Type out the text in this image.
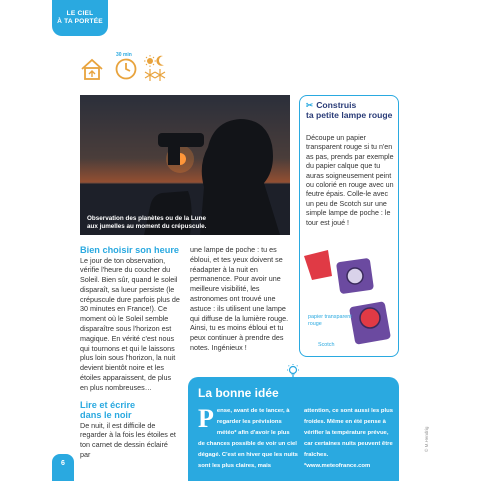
LE CIEL
À TA PORTÉE
30 min
Observation des planètes ou de la Lune
aux jumelles au moment du crépuscule.
✂ Construis
ta petite lampe rouge
Découpe un papier transparent rouge si tu n'en as pas, prends par exemple du papier calque que tu auras soigneusement peint ou colorié en rouge avec un feutre épais. Colle-le avec un peu de Scotch sur une simple lampe de poche : le tour est joué !
papier transparent rouge
Scotch
Bien choisir son heure
Le jour de ton observation, vérifie l'heure du coucher du Soleil. Bien sûr, quand le soleil disparaît, sa lueur persiste (le crépuscule dure parfois plus de 30 minutes en France!). Ce moment où le Soleil semble disparaître sous l'horizon est magique. En vérité c'est nous qui tournons et qui le laissons plus loin sous l'horizon, la nuit devient bientôt noire et les étoiles apparaissent, de plus en plus nombreuses…
Lire et écrire
dans le noir
De nuit, il est difficile de regarder à la fois les étoiles et ton carnet de dessin éclairé par
une lampe de poche : tu es ébloui, et tes yeux doivent se réadapter à la nuit en permanence. Pour avoir une meilleure visibilité, les astronomes ont trouvé une astuce : ils utilisent une lampe qui diffuse de la lumière rouge. Ainsi, tu es moins ébloui et tu peux continuer à prendre des notes. Ingénieux !
La bonne idée
Pense, avant de te lancer, à regarder les prévisions météo* afin d'avoir le plus de chances possible de voir un ciel dégagé. C'est en hiver que les nuits sont les plus claires, mais
attention, ce sont aussi les plus froides. Même en été pense à vérifier la température prévue, car certaines nuits peuvent être fraîches. *www.meteofrance.com
6
© M.Hendrig
